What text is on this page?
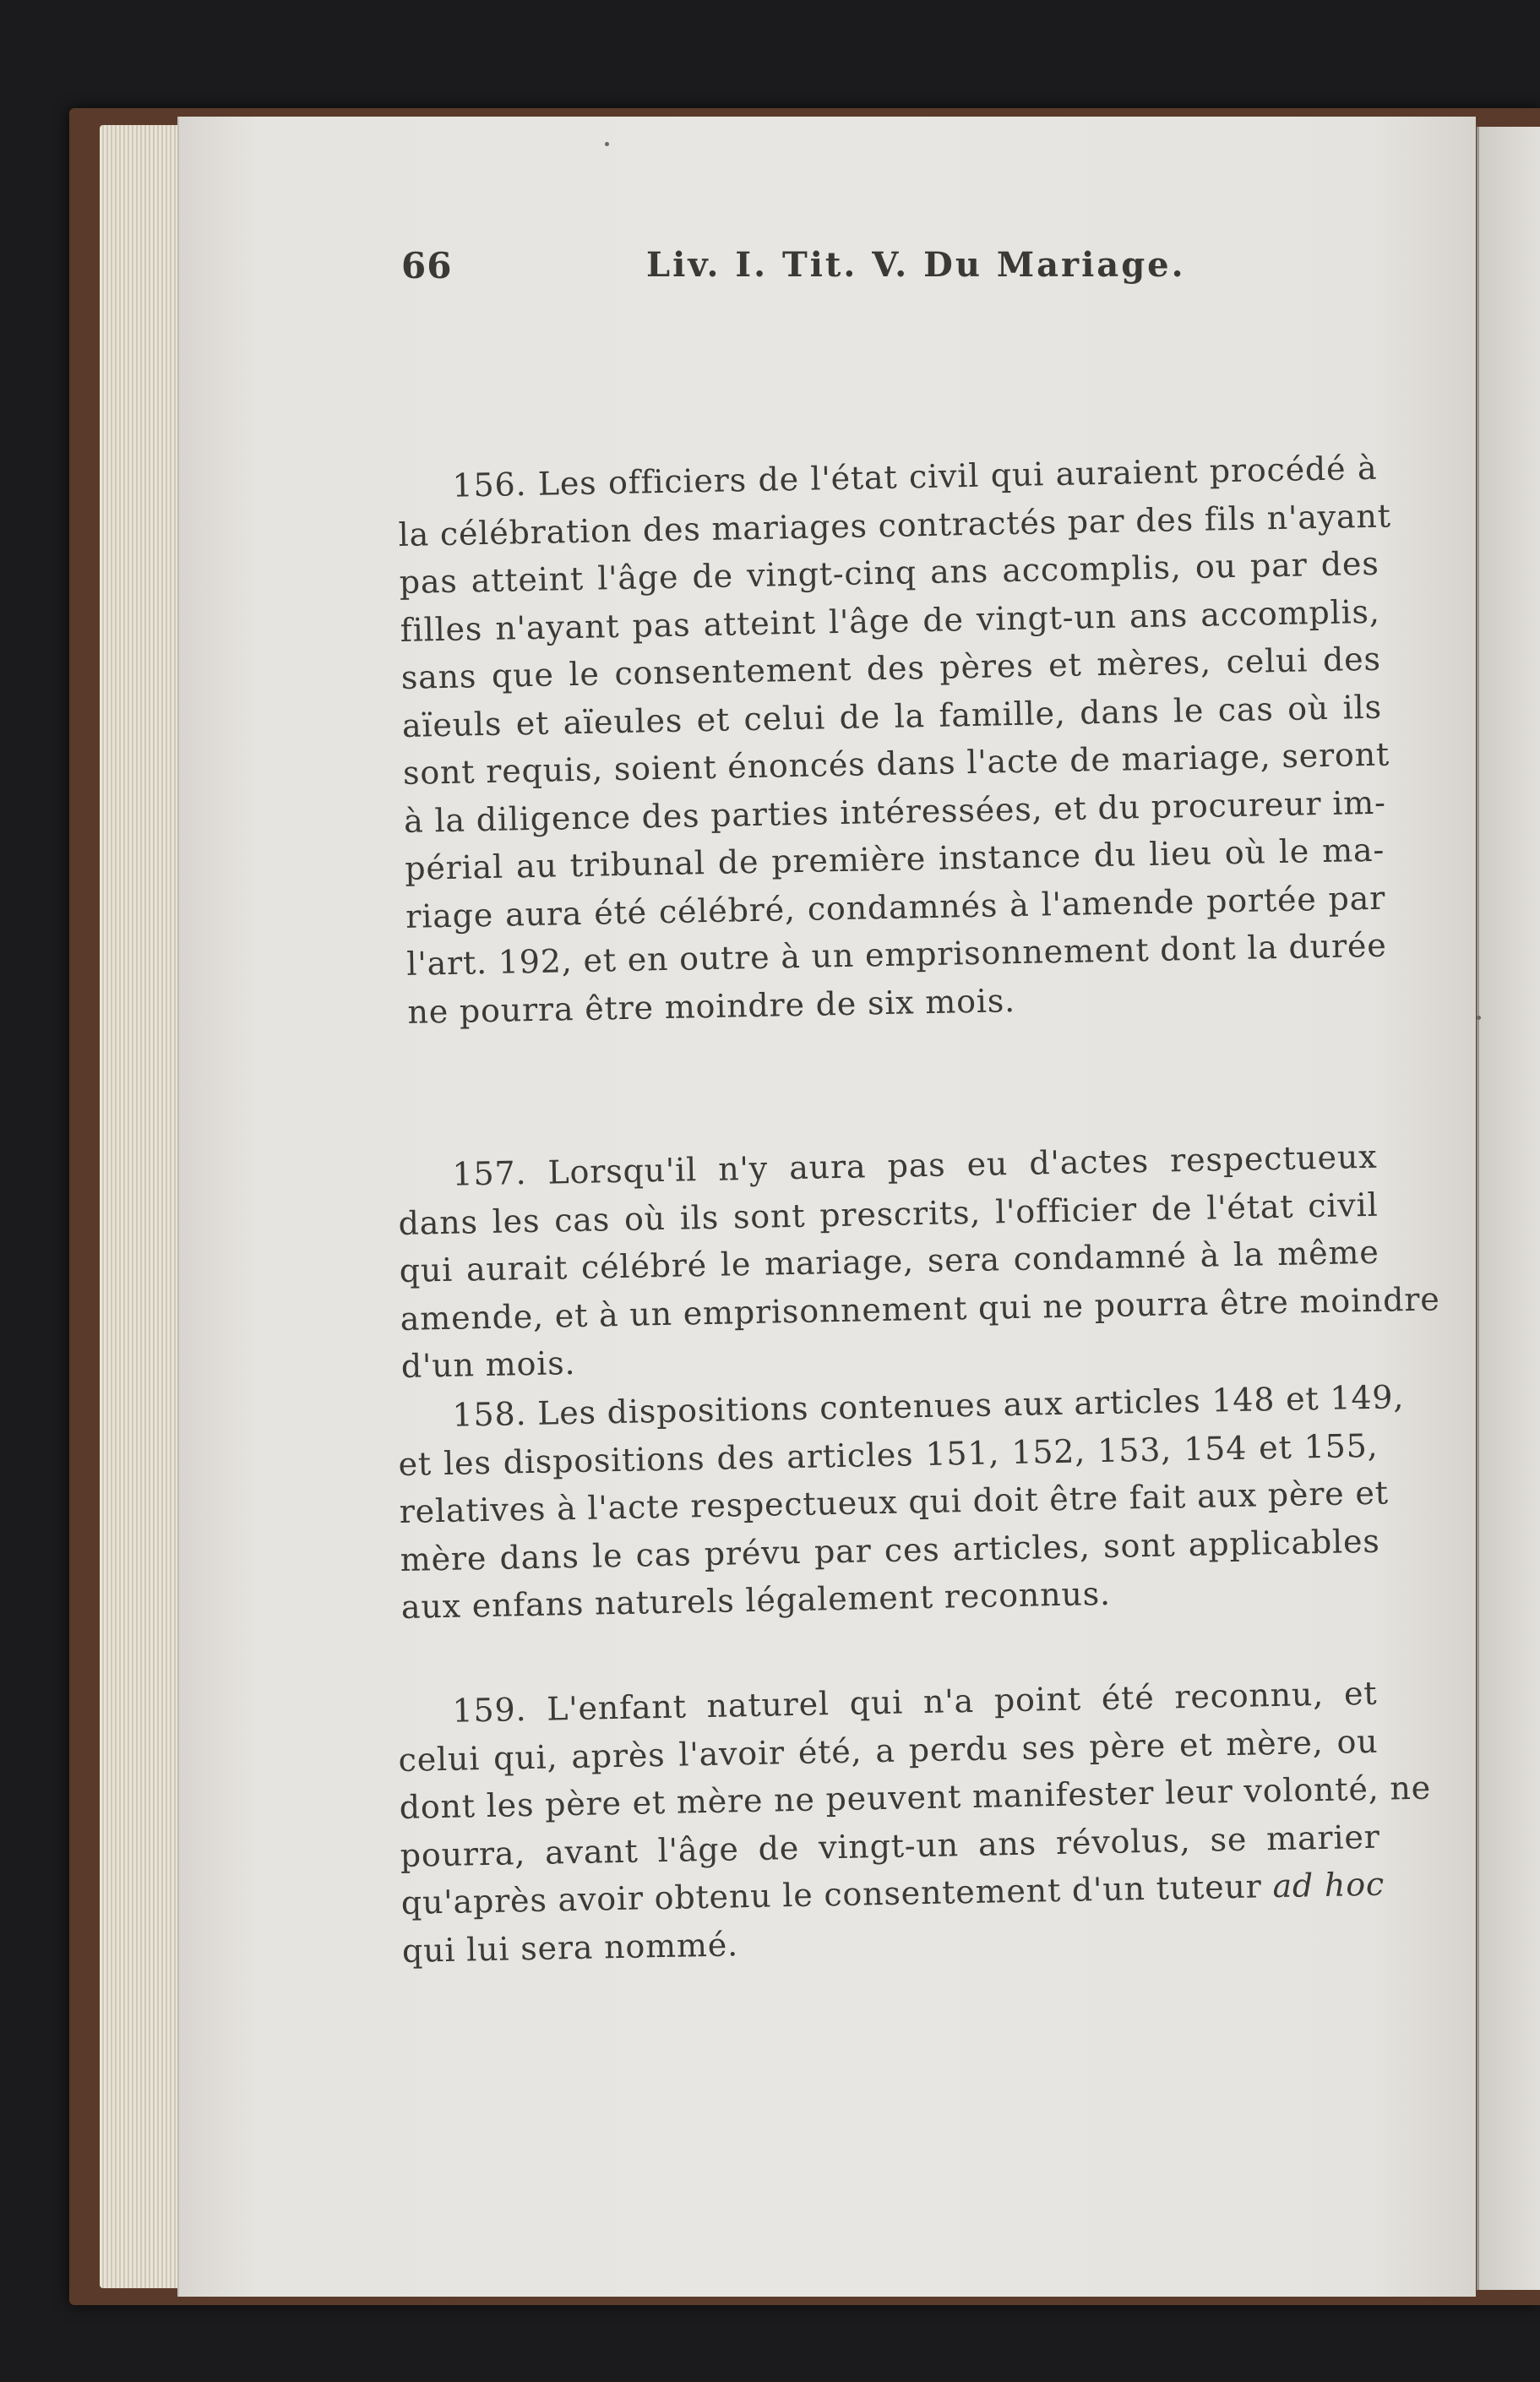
66	Liv. I. Tit. V. Du Mariage.
156. Les officiers de l'état civil qui auraient procédé à
la célébration des mariages contractés par des fils n'ayant
pas atteint l'âge de vingt-cinq ans accomplis, ou par des
filles n'ayant pas atteint l'âge de vingt-un ans accomplis,
sans que le consentement des pères et mères, celui des
aïeuls et aïeules et celui de la famille, dans le cas où ils
sont requis, soient énoncés dans l'acte de mariage, seront
à la diligence des parties intéressées, et du procureur im-
périal au tribunal de première instance du lieu où le ma-
riage aura été célébré, condamnés à l'amende portée par
l'art. 192, et en outre à un emprisonnement dont la durée
ne pourra être moindre de six mois.
157. Lorsqu'il n'y aura pas eu d'actes respectueux
dans les cas où ils sont prescrits, l'officier de l'état civil
qui aurait célébré le mariage, sera condamné à la même
amende, et à un emprisonnement qui ne pourra être moindre
d'un mois.
158. Les dispositions contenues aux articles 148 et 149,
et les dispositions des articles 151, 152, 153, 154 et 155,
relatives à l'acte respectueux qui doit être fait aux père et
mère dans le cas prévu par ces articles, sont applicables
aux enfans naturels légalement reconnus.
159. L'enfant naturel qui n'a point été reconnu, et
celui qui, après l'avoir été, a perdu ses père et mère, ou
dont les père et mère ne peuvent manifester leur volonté, ne
pourra, avant l'âge de vingt-un ans révolus, se marier
qu'après avoir obtenu le consentement d'un tuteur ad hoc
qui lui sera nommé.
